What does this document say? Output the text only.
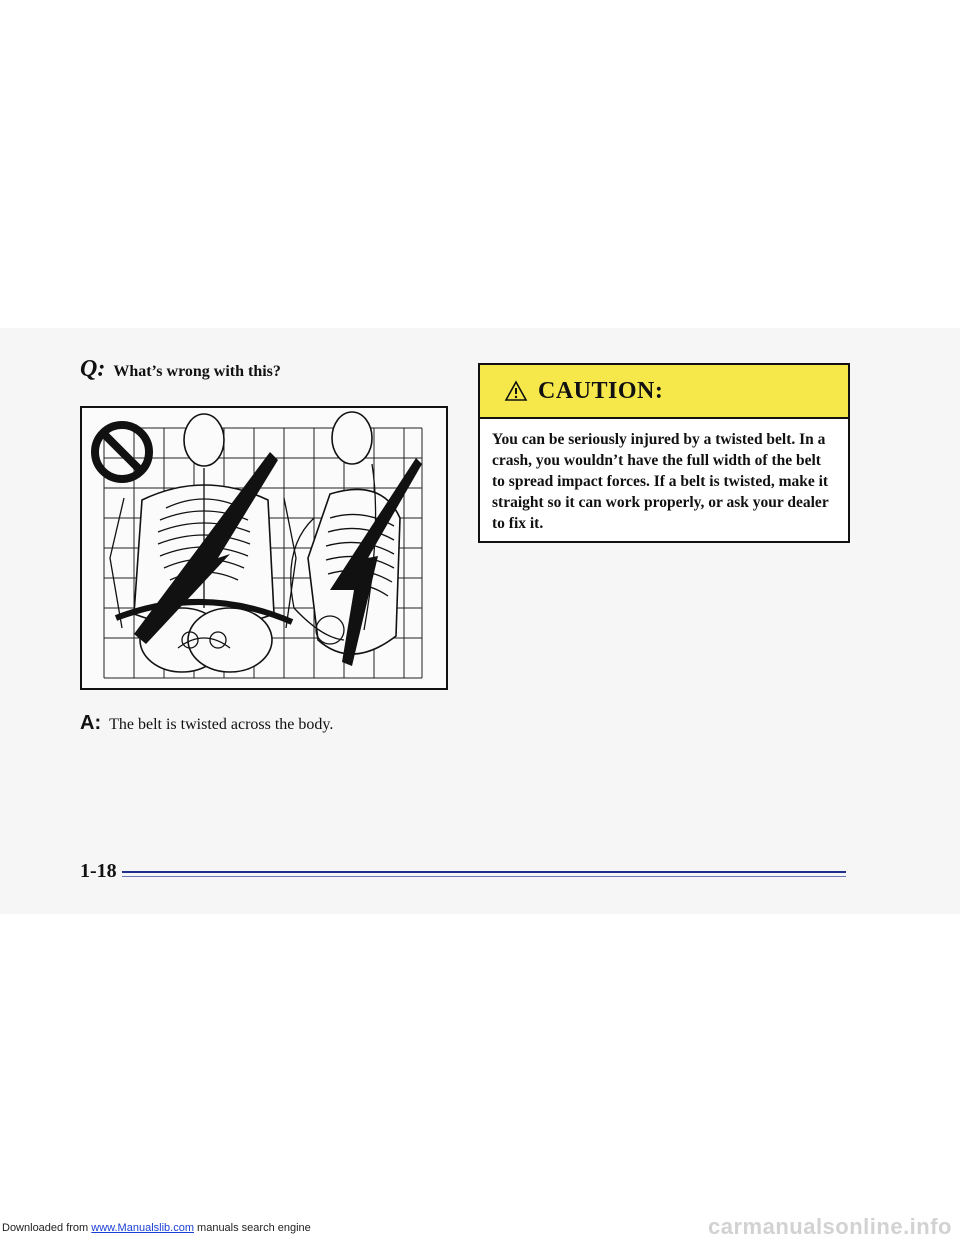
Q: What’s wrong with this?
A: The belt is twisted across the body.
CAUTION:

You can be seriously injured by a twisted belt. In a crash, you wouldn’t have the full width of the belt to spread impact forces. If a belt is twisted, make it straight so it can work properly, or ask your dealer to fix it.

1-18
Downloaded from www.Manualslib.com manuals search engine	carmanualsonline.info
